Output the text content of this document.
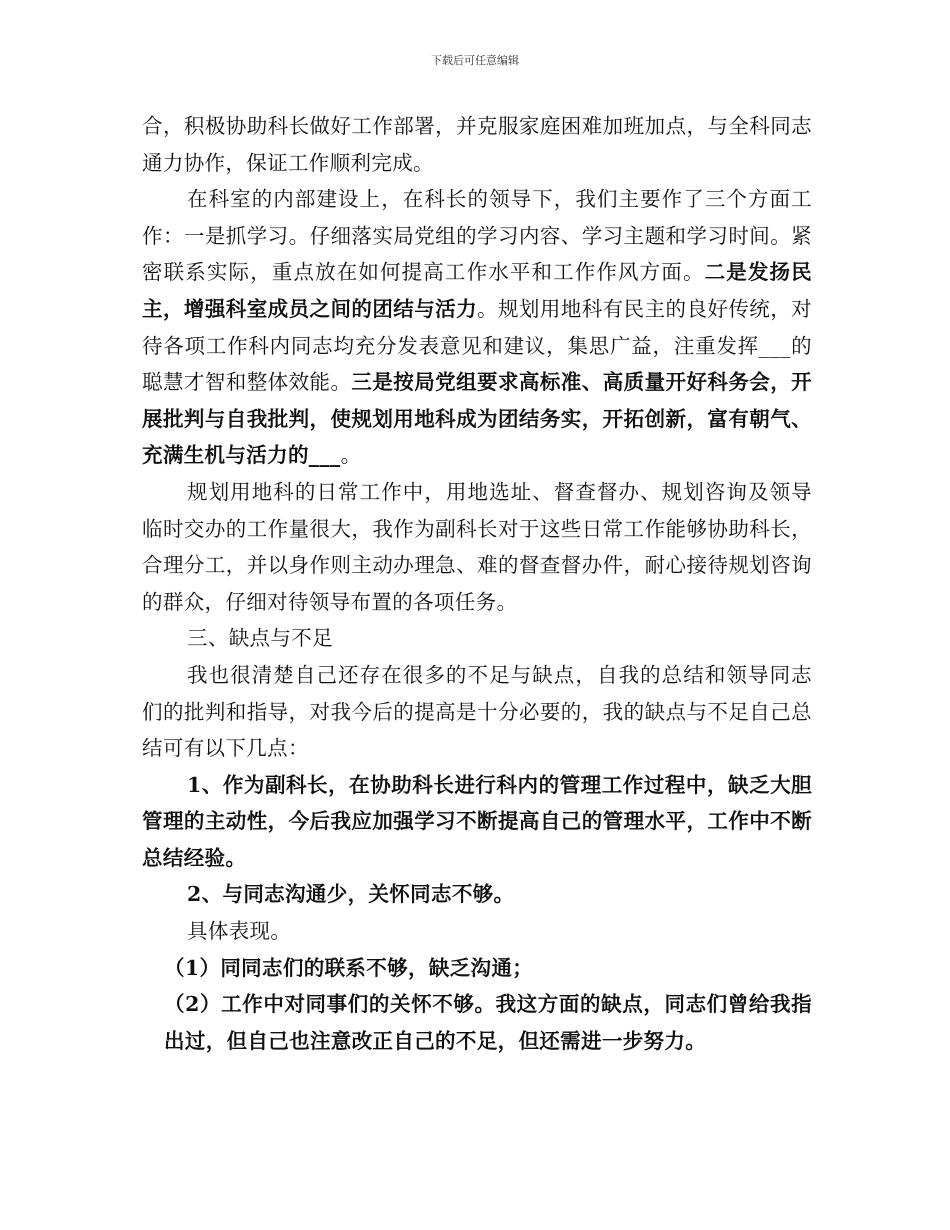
下载后可任意编辑

合，积极协助科长做好工作部署，并克服家庭困难加班加点，与全科同志通力协作，保证工作顺利完成。

在科室的内部建设上，在科长的领导下，我们主要作了三个方面工作：一是抓学习。仔细落实局党组的学习内容、学习主题和学习时间。紧密联系实际，重点放在如何提高工作水平和工作作风方面。二是发扬民主，增强科室成员之间的团结与活力。规划用地科有民主的良好传统，对待各项工作科内同志均充分发表意见和建议，集思广益，注重发挥___的聪慧才智和整体效能。三是按局党组要求高标准、高质量开好科务会，开展批判与自我批判，使规划用地科成为团结务实，开拓创新，富有朝气、充满生机与活力的___。

规划用地科的日常工作中，用地选址、督查督办、规划咨询及领导临时交办的工作量很大，我作为副科长对于这些日常工作能够协助科长，合理分工，并以身作则主动办理急、难的督查督办件，耐心接待规划咨询的群众，仔细对待领导布置的各项任务。

三、缺点与不足

我也很清楚自己还存在很多的不足与缺点，自我的总结和领导同志们的批判和指导，对我今后的提高是十分必要的，我的缺点与不足自己总结可有以下几点：

1、作为副科长，在协助科长进行科内的管理工作过程中，缺乏大胆管理的主动性，今后我应加强学习不断提高自己的管理水平，工作中不断总结经验。

2、与同志沟通少，关怀同志不够。

具体表现。

（1）同同志们的联系不够，缺乏沟通；

（2）工作中对同事们的关怀不够。我这方面的缺点，同志们曾给我指出过，但自己也注意改正自己的不足，但还需进一步努力。
